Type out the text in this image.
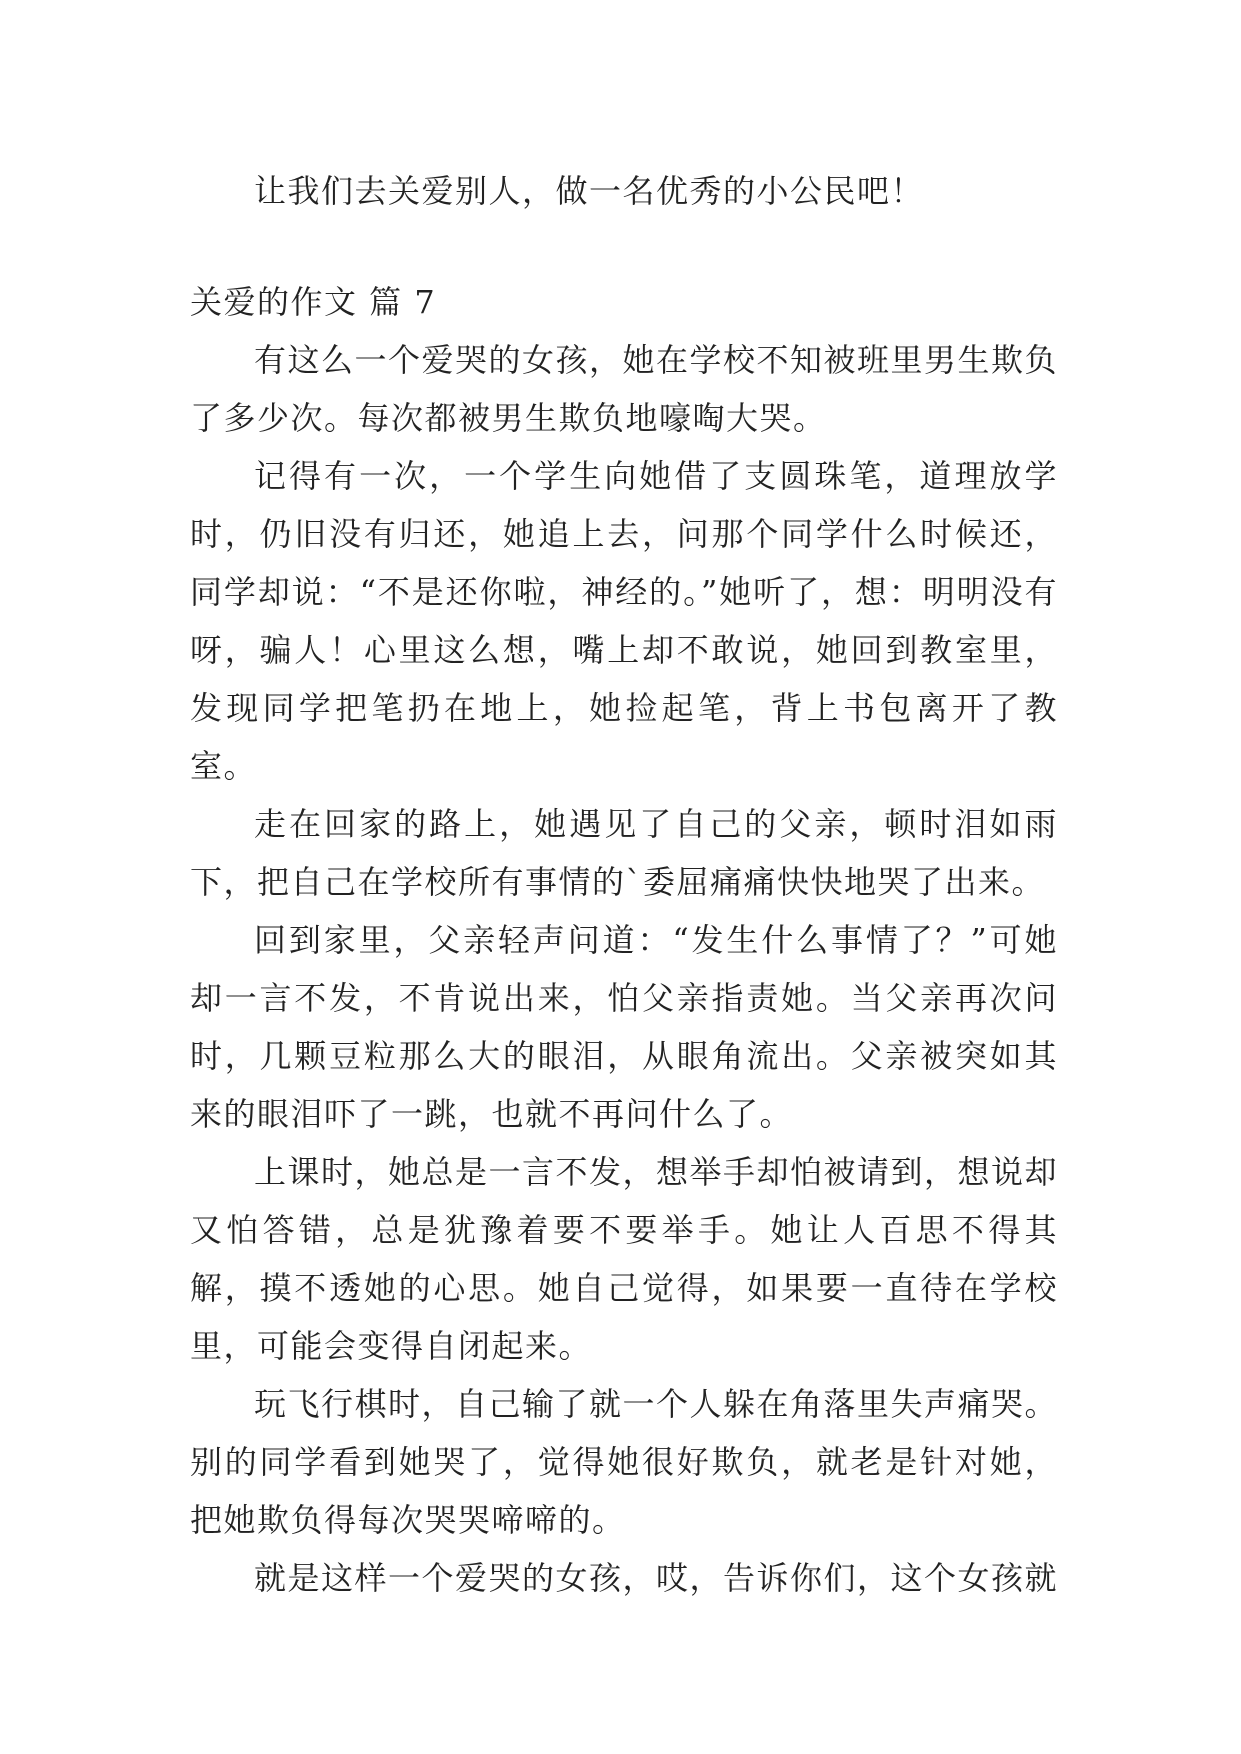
让我们去关爱别人，做一名优秀的小公民吧！

关爱的作文 篇 7

有这么一个爱哭的女孩，她在学校不知被班里男生欺负了多少次。每次都被男生欺负地嚎啕大哭。

记得有一次，一个学生向她借了支圆珠笔，道理放学时，仍旧没有归还，她追上去，问那个同学什么时候还，同学却说：“不是还你啦，神经的。”她听了，想：明明没有呀，骗人！心里这么想，嘴上却不敢说，她回到教室里，发现同学把笔扔在地上，她捡起笔，背上书包离开了教室。

走在回家的路上，她遇见了自己的父亲，顿时泪如雨下，把自己在学校所有事情的`委屈痛痛快快地哭了出来。

回到家里，父亲轻声问道：“发生什么事情了？”可她却一言不发，不肯说出来，怕父亲指责她。当父亲再次问时，几颗豆粒那么大的眼泪，从眼角流出。父亲被突如其来的眼泪吓了一跳，也就不再问什么了。

上课时，她总是一言不发，想举手却怕被请到，想说却又怕答错，总是犹豫着要不要举手。她让人百思不得其解，摸不透她的心思。她自己觉得，如果要一直待在学校里，可能会变得自闭起来。

玩飞行棋时，自己输了就一个人躲在角落里失声痛哭。别的同学看到她哭了，觉得她很好欺负，就老是针对她，把她欺负得每次哭哭啼啼的。

就是这样一个爱哭的女孩，哎，告诉你们，这个女孩就
